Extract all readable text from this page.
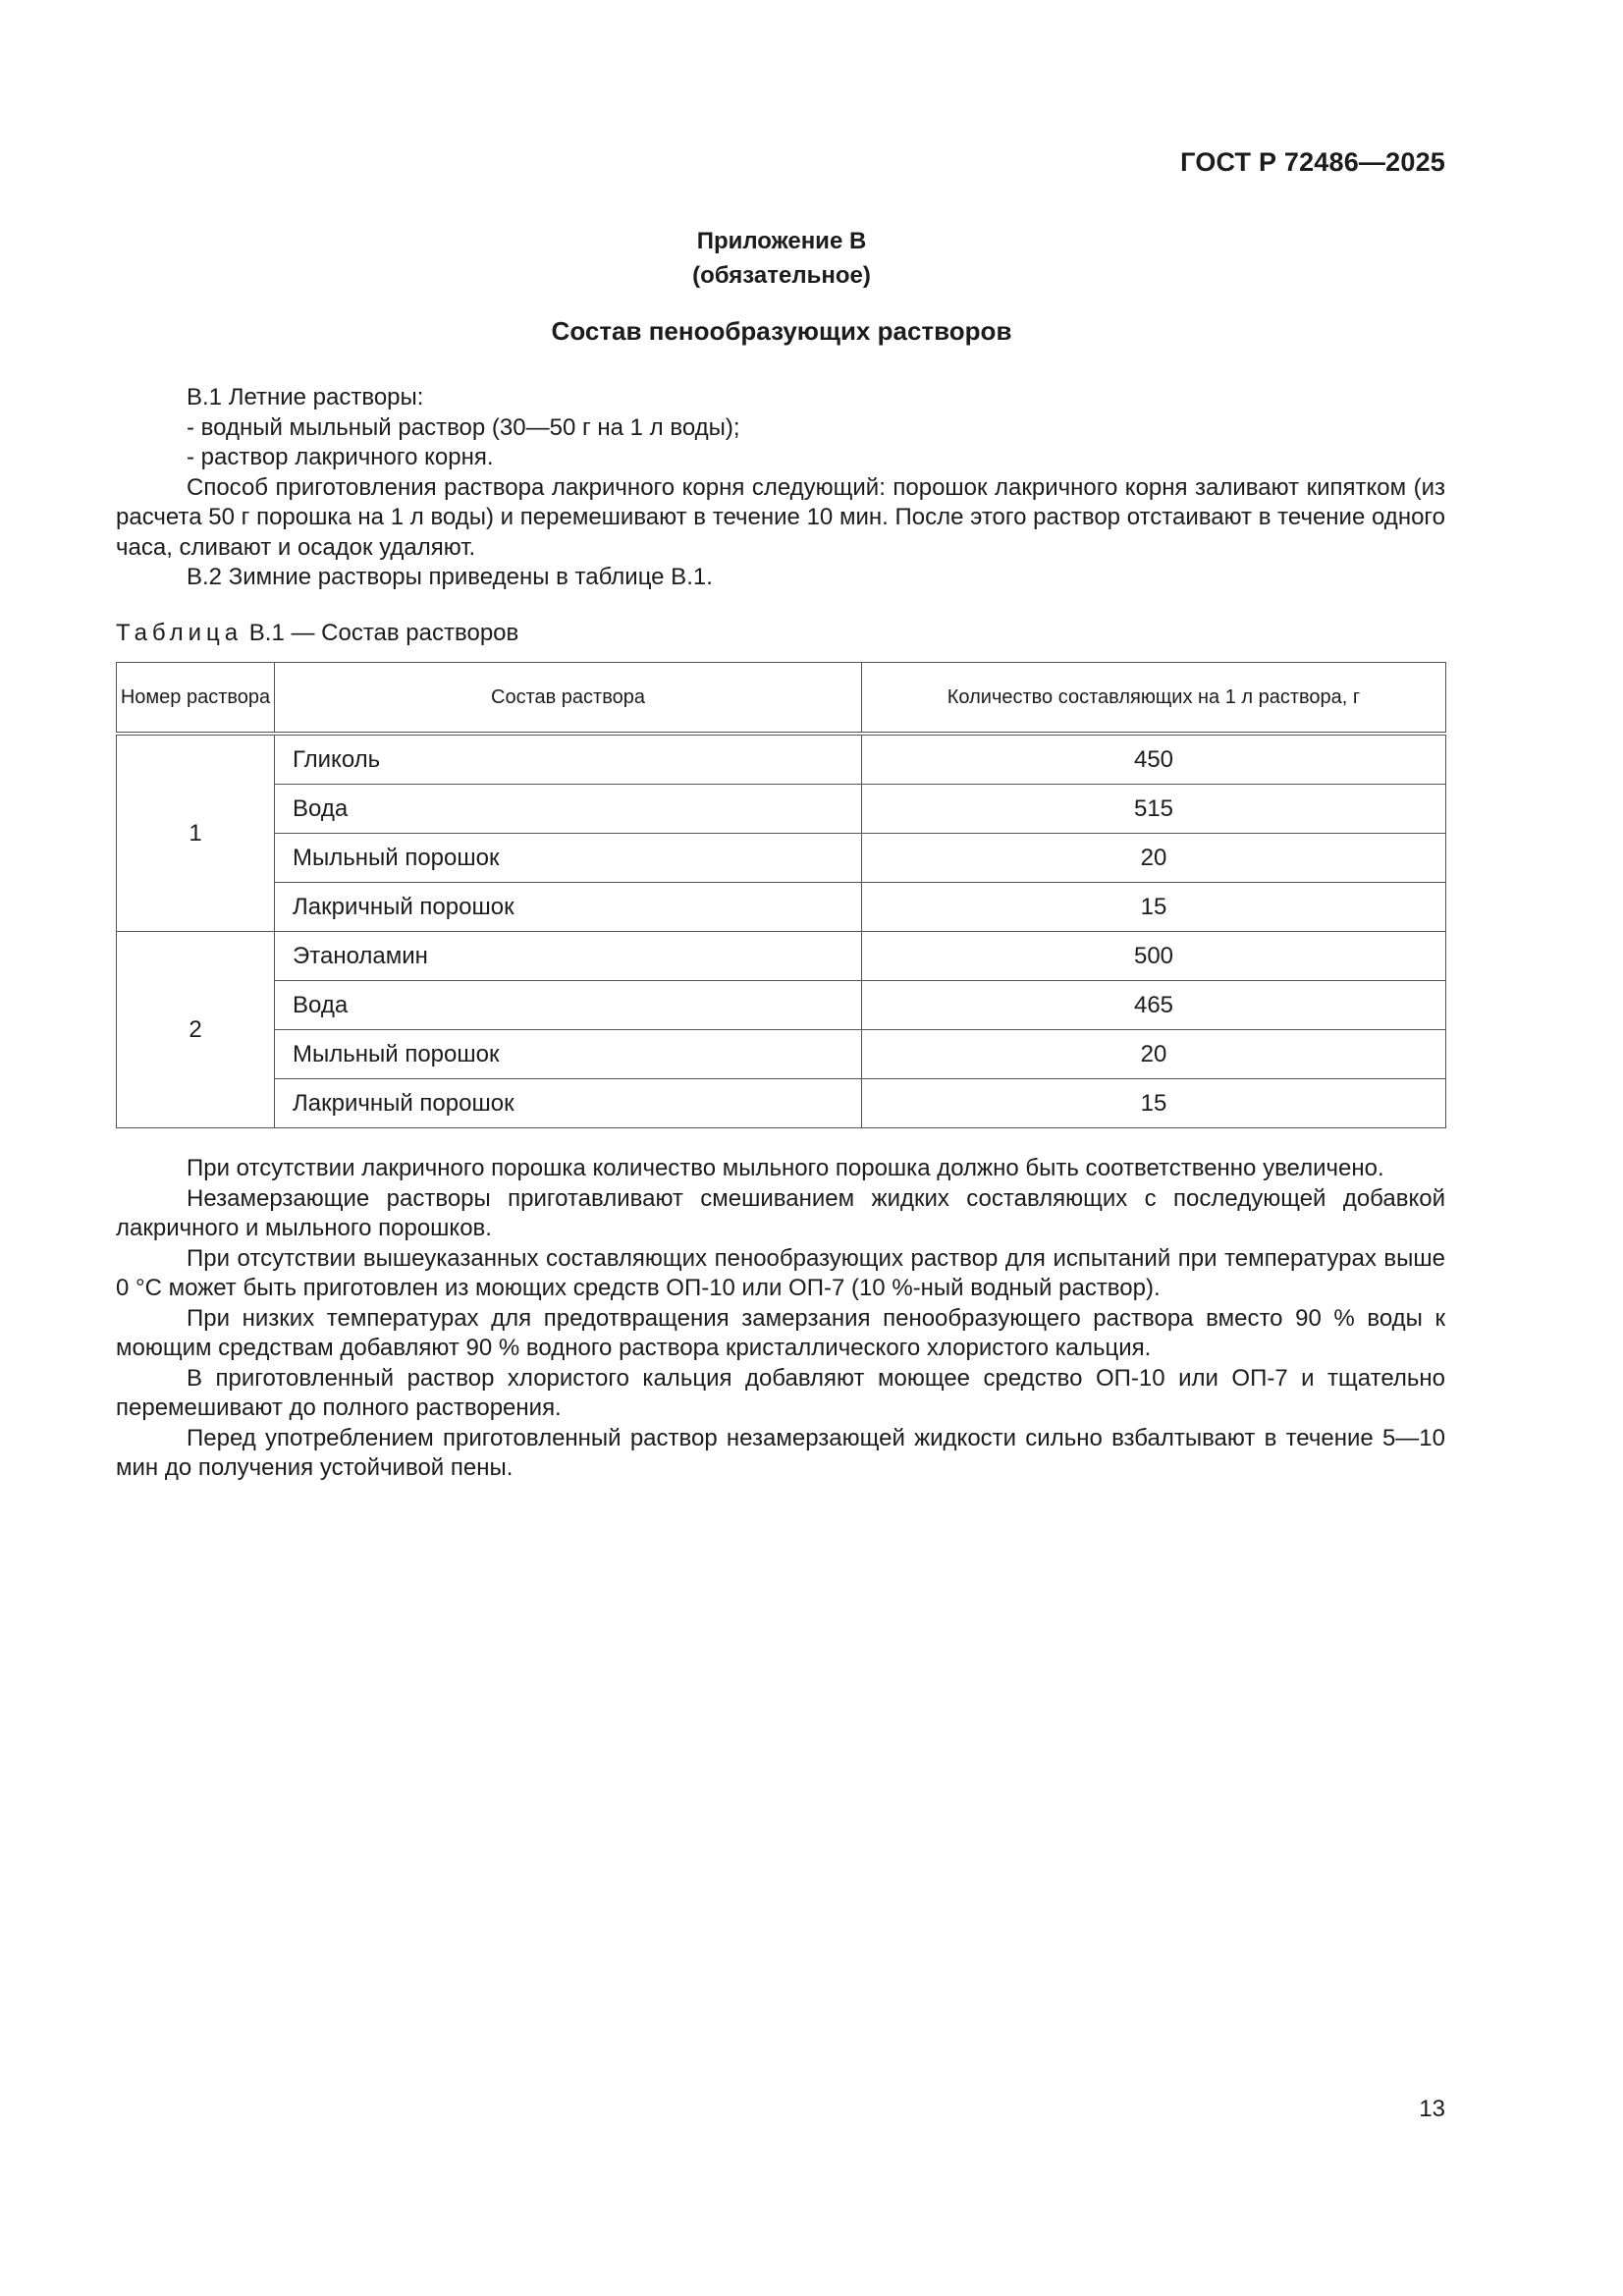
ГОСТ Р 72486—2025
Приложение В
(обязательное)
Состав пенообразующих растворов

В.1 Летние растворы:

- водный мыльный раствор (30—50 г на 1 л воды);

- раствор лакричного корня.

Способ приготовления раствора лакричного корня следующий: порошок лакричного корня заливают кипятком (из расчета 50 г порошка на 1 л воды) и перемешивают в течение 10 мин. После этого раствор отстаивают в течение одного часа, сливают и осадок удаляют.

В.2 Зимние растворы приведены в таблице В.1.

Таблица В.1 — Состав растворов
Номер раствора	Состав раствора	Количество составляющих на 1 л раствора, г
1	Гликоль	450
	Вода	515
	Мыльный порошок	20
	Лакричный порошок	15
2	Этаноламин	500
	Вода	465
	Мыльный порошок	20
	Лакричный порошок	15

При отсутствии лакричного порошка количество мыльного порошка должно быть соответственно увеличено.

Незамерзающие растворы приготавливают смешиванием жидких составляющих с последующей добавкой лакричного и мыльного порошков.

При отсутствии вышеуказанных составляющих пенообразующих раствор для испытаний при температурах выше 0 °С может быть приготовлен из моющих средств ОП-10 или ОП-7 (10 %-ный водный раствор).

При низких температурах для предотвращения замерзания пенообразующего раствора вместо 90 % воды к моющим средствам добавляют 90 % водного раствора кристаллического хлористого кальция.

В приготовленный раствор хлористого кальция добавляют моющее средство ОП-10 или ОП-7 и тщательно перемешивают до полного растворения.

Перед употреблением приготовленный раствор незамерзающей жидкости сильно взбалтывают в течение 5—10 мин до получения устойчивой пены.

13
